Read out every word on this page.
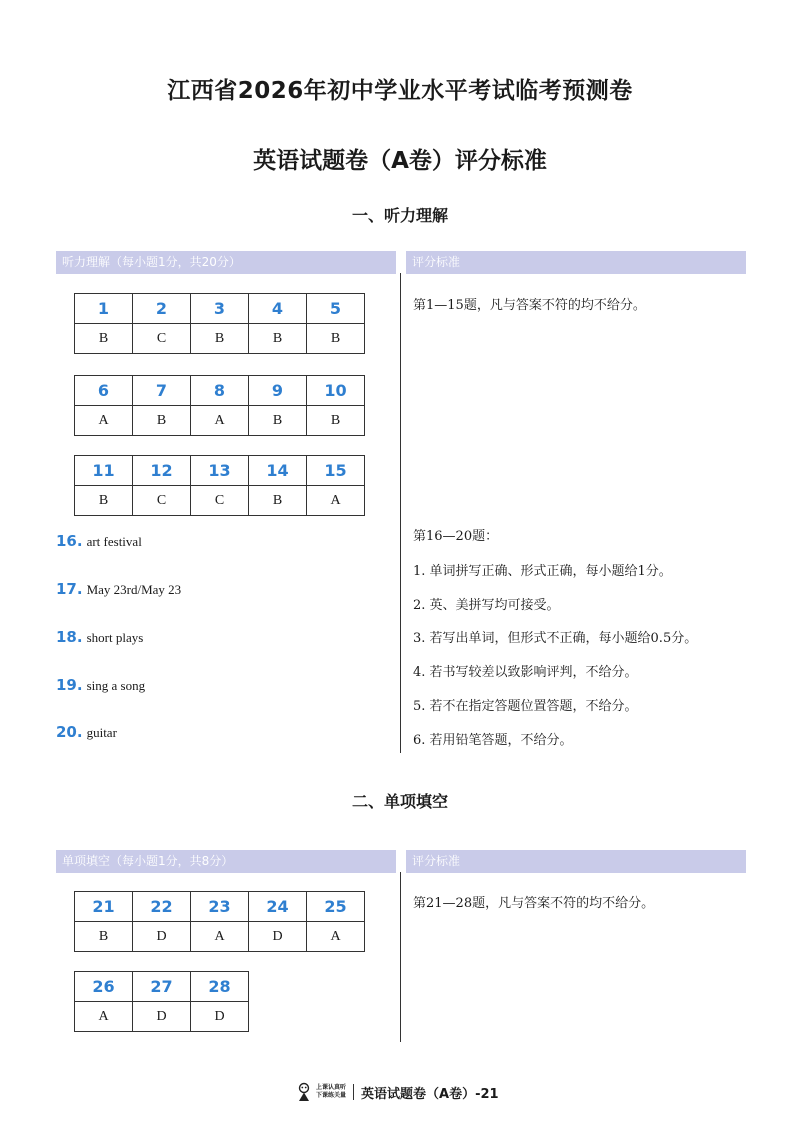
江西省2026年初中学业水平考试临考预测卷
英语试题卷（A卷）评分标准
一、听力理解
听力理解（每小题1分，共20分）	评分标准
1	2	3	4	5
B	C	B	B	B
6	7	8	9	10
A	B	A	B	B
11	12	13	14	15
B	C	C	B	A
16. art festival
17. May 23rd/May 23
18. short plays
19. sing a song
20. guitar
第1—15题，凡与答案不符的均不给分。
第16—20题：
1. 单词拼写正确、形式正确，每小题给1分。
2. 英、美拼写均可接受。
3. 若写出单词，但形式不正确，每小题给0.5分。
4. 若书写较差以致影响评判，不给分。
5. 若不在指定答题位置答题，不给分。
6. 若用铅笔答题，不给分。
二、单项填空
单项填空（每小题1分，共8分）	评分标准
21	22	23	24	25
B	D	A	D	A
26	27	28
A	D	D
第21—28题，凡与答案不符的均不给分。
上课认真听
下课练关量 英语试题卷（A卷）-21
